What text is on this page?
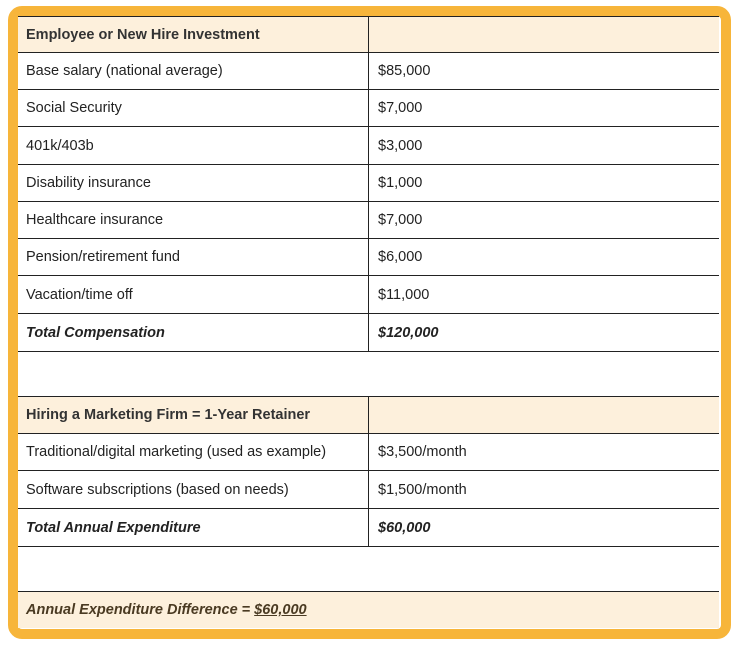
Employee or New Hire Investment
Base salary (national average)	$85,000
Social Security	$7,000
401k/403b	$3,000
Disability insurance	$1,000
Healthcare insurance	$7,000
Pension/retirement fund	$6,000
Vacation/time off	$11,000
Total Compensation	$120,000
Hiring a Marketing Firm = 1-Year Retainer
Traditional/digital marketing (used as example)	$3,500/month
Software subscriptions (based on needs)	$1,500/month
Total Annual Expenditure	$60,000
Annual Expenditure Difference = $60,000
